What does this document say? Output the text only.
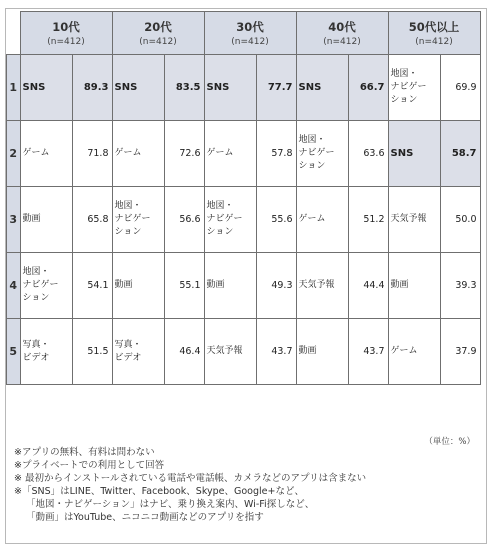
	10代
(n=412)		20代
(n=412)		30代
(n=412)		40代
(n=412)		50代以上
(n=412)	

1	SNS	89.3	SNS	83.5	SNS	77.7	SNS	66.7	地図・
ナビゲー
ション	69.9
2	ゲーム	71.8	ゲーム	72.6	ゲーム	57.8	地図・
ナビゲー
ション	63.6	SNS	58.7
3	動画	65.8	地図・
ナビゲー
ション	56.6	地図・
ナビゲー
ション	55.6	ゲーム	51.2	天気予報	50.0
4	地図・
ナビゲー
ション	54.1	動画	55.1	動画	49.3	天気予報	44.4	動画	39.3
5	写真・
ビデオ	51.5	写真・
ビデオ	46.4	天気予報	43.7	動画	43.7	ゲーム	37.9
（単位：%）
※アプリの無料、有料は問わない
※プライベートでの利用として回答
※ 最初からインストールされている電話や電話帳、カメラなどのアプリは含まない
※「SNS」はLINE、Twitter、Facebook、Skype、Google+など、
「地図・ナビゲーション」はナビ、乗り換え案内、Wi-Fi探しなど、
「動画」はYouTube、ニコニコ動画などのアプリを指す
